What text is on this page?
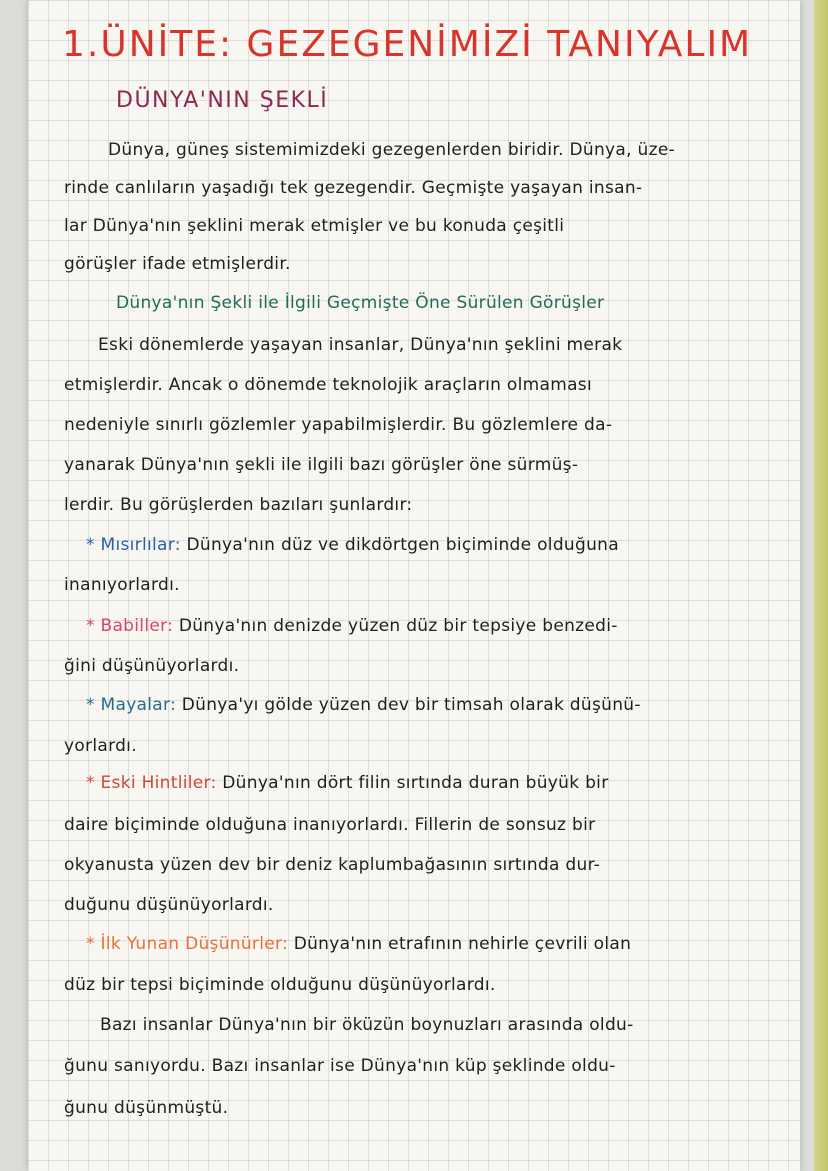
1.ÜNİTE: GEZEGENİMİZİ TANIYALIM
DÜNYA'NIN ŞEKLİ
Dünya, güneş sistemimizdeki gezegenlerden biridir. Dünya, üze-
rinde canlıların yaşadığı tek gezegendir. Geçmişte yaşayan insan-
lar Dünya'nın şeklini merak etmişler ve bu konuda çeşitli
görüşler ifade etmişlerdir.
Dünya'nın Şekli ile İlgili Geçmişte Öne Sürülen Görüşler
Eski dönemlerde yaşayan insanlar, Dünya'nın şeklini merak
etmişlerdir. Ancak o dönemde teknolojik araçların olmaması
nedeniyle sınırlı gözlemler yapabilmişlerdir. Bu gözlemlere da-
yanarak Dünya'nın şekli ile ilgili bazı görüşler öne sürmüş-
lerdir. Bu görüşlerden bazıları şunlardır:
* Mısırlılar: Dünya'nın düz ve dikdörtgen biçiminde olduğuna
inanıyorlardı.
* Babiller: Dünya'nın denizde yüzen düz bir tepsiye benzedi-
ğini düşünüyorlardı.
* Mayalar: Dünya'yı gölde yüzen dev bir timsah olarak düşünü-
yorlardı.
* Eski Hintliler: Dünya'nın dört filin sırtında duran büyük bir
daire biçiminde olduğuna inanıyorlardı. Fillerin de sonsuz bir
okyanusta yüzen dev bir deniz kaplumbağasının sırtında dur-
duğunu düşünüyorlardı.
* İlk Yunan Düşünürler: Dünya'nın etrafının nehirle çevrili olan
düz bir tepsi biçiminde olduğunu düşünüyorlardı.
Bazı insanlar Dünya'nın bir öküzün boynuzları arasında oldu-
ğunu sanıyordu. Bazı insanlar ise Dünya'nın küp şeklinde oldu-
ğunu düşünmüştü.
